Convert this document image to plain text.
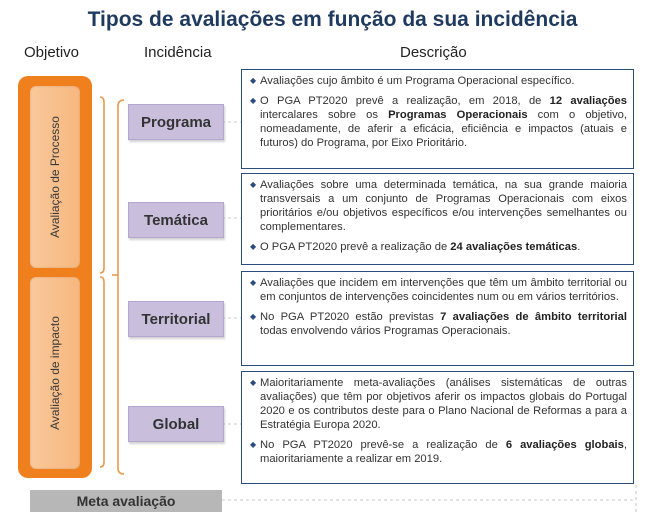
Tipos de avaliações em função da sua incidência
Objetivo	Incidência	Descrição
Avaliação de Processo
Avaliação de impacto
Programa
Temática
Territorial
Global
◆ Avaliações cujo âmbito é um Programa Operacional específico.
◆ O PGA PT2020 prevê a realização, em 2018, de 12 avaliações intercalares sobre os Programas Operacionais com o objetivo, nomeadamente, de aferir a eficácia, eficiência e impactos (atuais e futuros) do Programa, por Eixo Prioritário.
◆ Avaliações sobre uma determinada temática, na sua grande maioria transversais a um conjunto de Programas Operacionais com eixos prioritários e/ou objetivos específicos e/ou intervenções semelhantes ou complementares.
◆ O PGA PT2020 prevê a realização de 24 avaliações temáticas.
◆ Avaliações que incidem em intervenções que têm um âmbito territorial ou em conjuntos de intervenções coincidentes num ou em vários territórios.
◆ No PGA PT2020 estão previstas 7 avaliações de âmbito territorial todas envolvendo vários Programas Operacionais.
◆ Maioritariamente meta-avaliações (análises sistemáticas de outras avaliações) que têm por objetivos aferir os impactos globais do Portugal 2020 e os contributos deste para o Plano Nacional de Reformas a para a Estratégia Europa 2020.
◆ No PGA PT2020 prevê-se a realização de 6 avaliações globais, maioritariamente a realizar em 2019.
Meta avaliação
